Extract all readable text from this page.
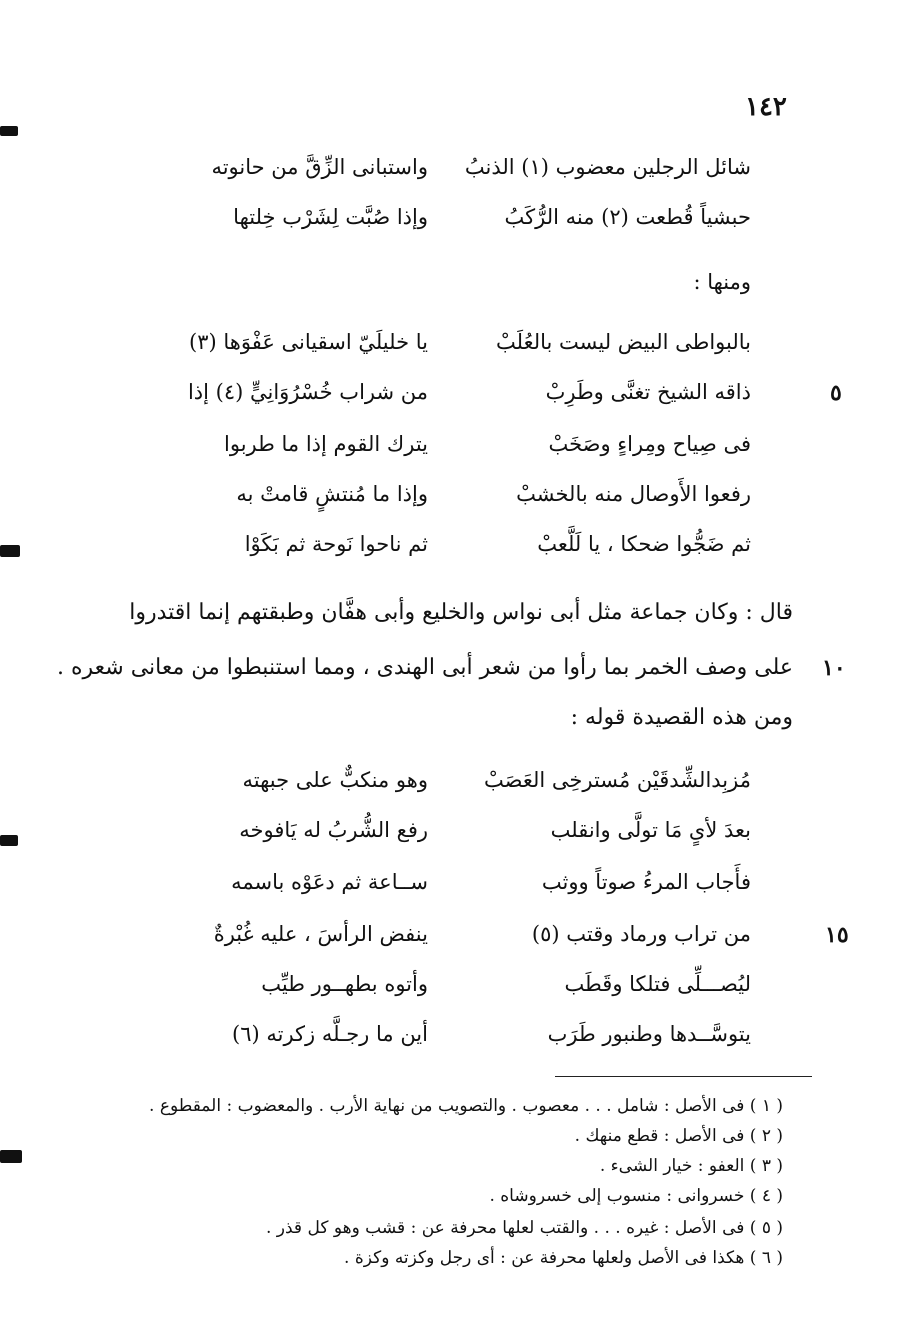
١٤٢
واستبانى الزِّقَّ من حانوته	شائل الرجلين معضوب (١) الذنبُ
وإذا صُبَّت لِشَرْب خِلتها	حبشياً قُطعت (٢) منه الرُّكَبُ
ومنها :
يا خليلَيّ اسقيانى عَفْوَها (٣)	بالبواطى البيض ليست بالعُلَبْ
٥
من شراب خُسْرُوَانِيٍّ (٤) إذا	ذاقه الشيخ تغنَّى وطَرِبْ
يترك القوم إذا ما طربوا	فى صِياح ومِراءٍ وصَخَبْ
وإذا ما مُنتشٍ قامتْ به	رفعوا الأَوصال منه بالخشبْ
ثم ناحوا نَوحة ثم بَكَوْا	ثم ضَجُّوا ضحكا ، يا لَلَّعبْ
قال : وكان جماعة مثل أبى نواس والخليع وأبى هفَّان وطبقتهم إنما اقتدروا
١٠
على وصف الخمر بما رأوا من شعر أبى الهندى ، ومما استنبطوا من معانى شعره .
ومن هذه القصيدة قوله :
وهو منكبٌّ على جبهته	مُزبِدالشِّدقَيْن مُسترخِى العَصَبْ
رفع الشُّربُ له يَافوخه	بعدَ لأىٍ مَا تولَّى وانقلب
ســاعة ثم دعَوْه باسمه	فأَجاب المرءُ صوتاً ووثب
١٥
ينفض الرأسَ ، عليه غُبْرةٌ	من تراب ورماد وقتب (٥)
وأتوه بطهــور طيِّب	ليُصـــلِّى فتلكا وقَطَب
أين ما رجـلَّه زكرته (٦)	يتوسَّــدها وطنبور طَرَب
( ١ ) فى الأصل : شامل . . . معصوب . والتصويب من نهاية الأرب . والمعضوب : المقطوع .
( ٢ ) فى الأصل : قطع منهك .
( ٣ ) العفو : خيار الشىء .
( ٤ ) خسروانى : منسوب إلى خسروشاه .
( ٥ ) فى الأصل : غيره . . . والقتب لعلها محرفة عن : قشب وهو كل قذر .
( ٦ ) هكذا فى الأصل ولعلها محرفة عن : أى رجل وكزته وكزة .
